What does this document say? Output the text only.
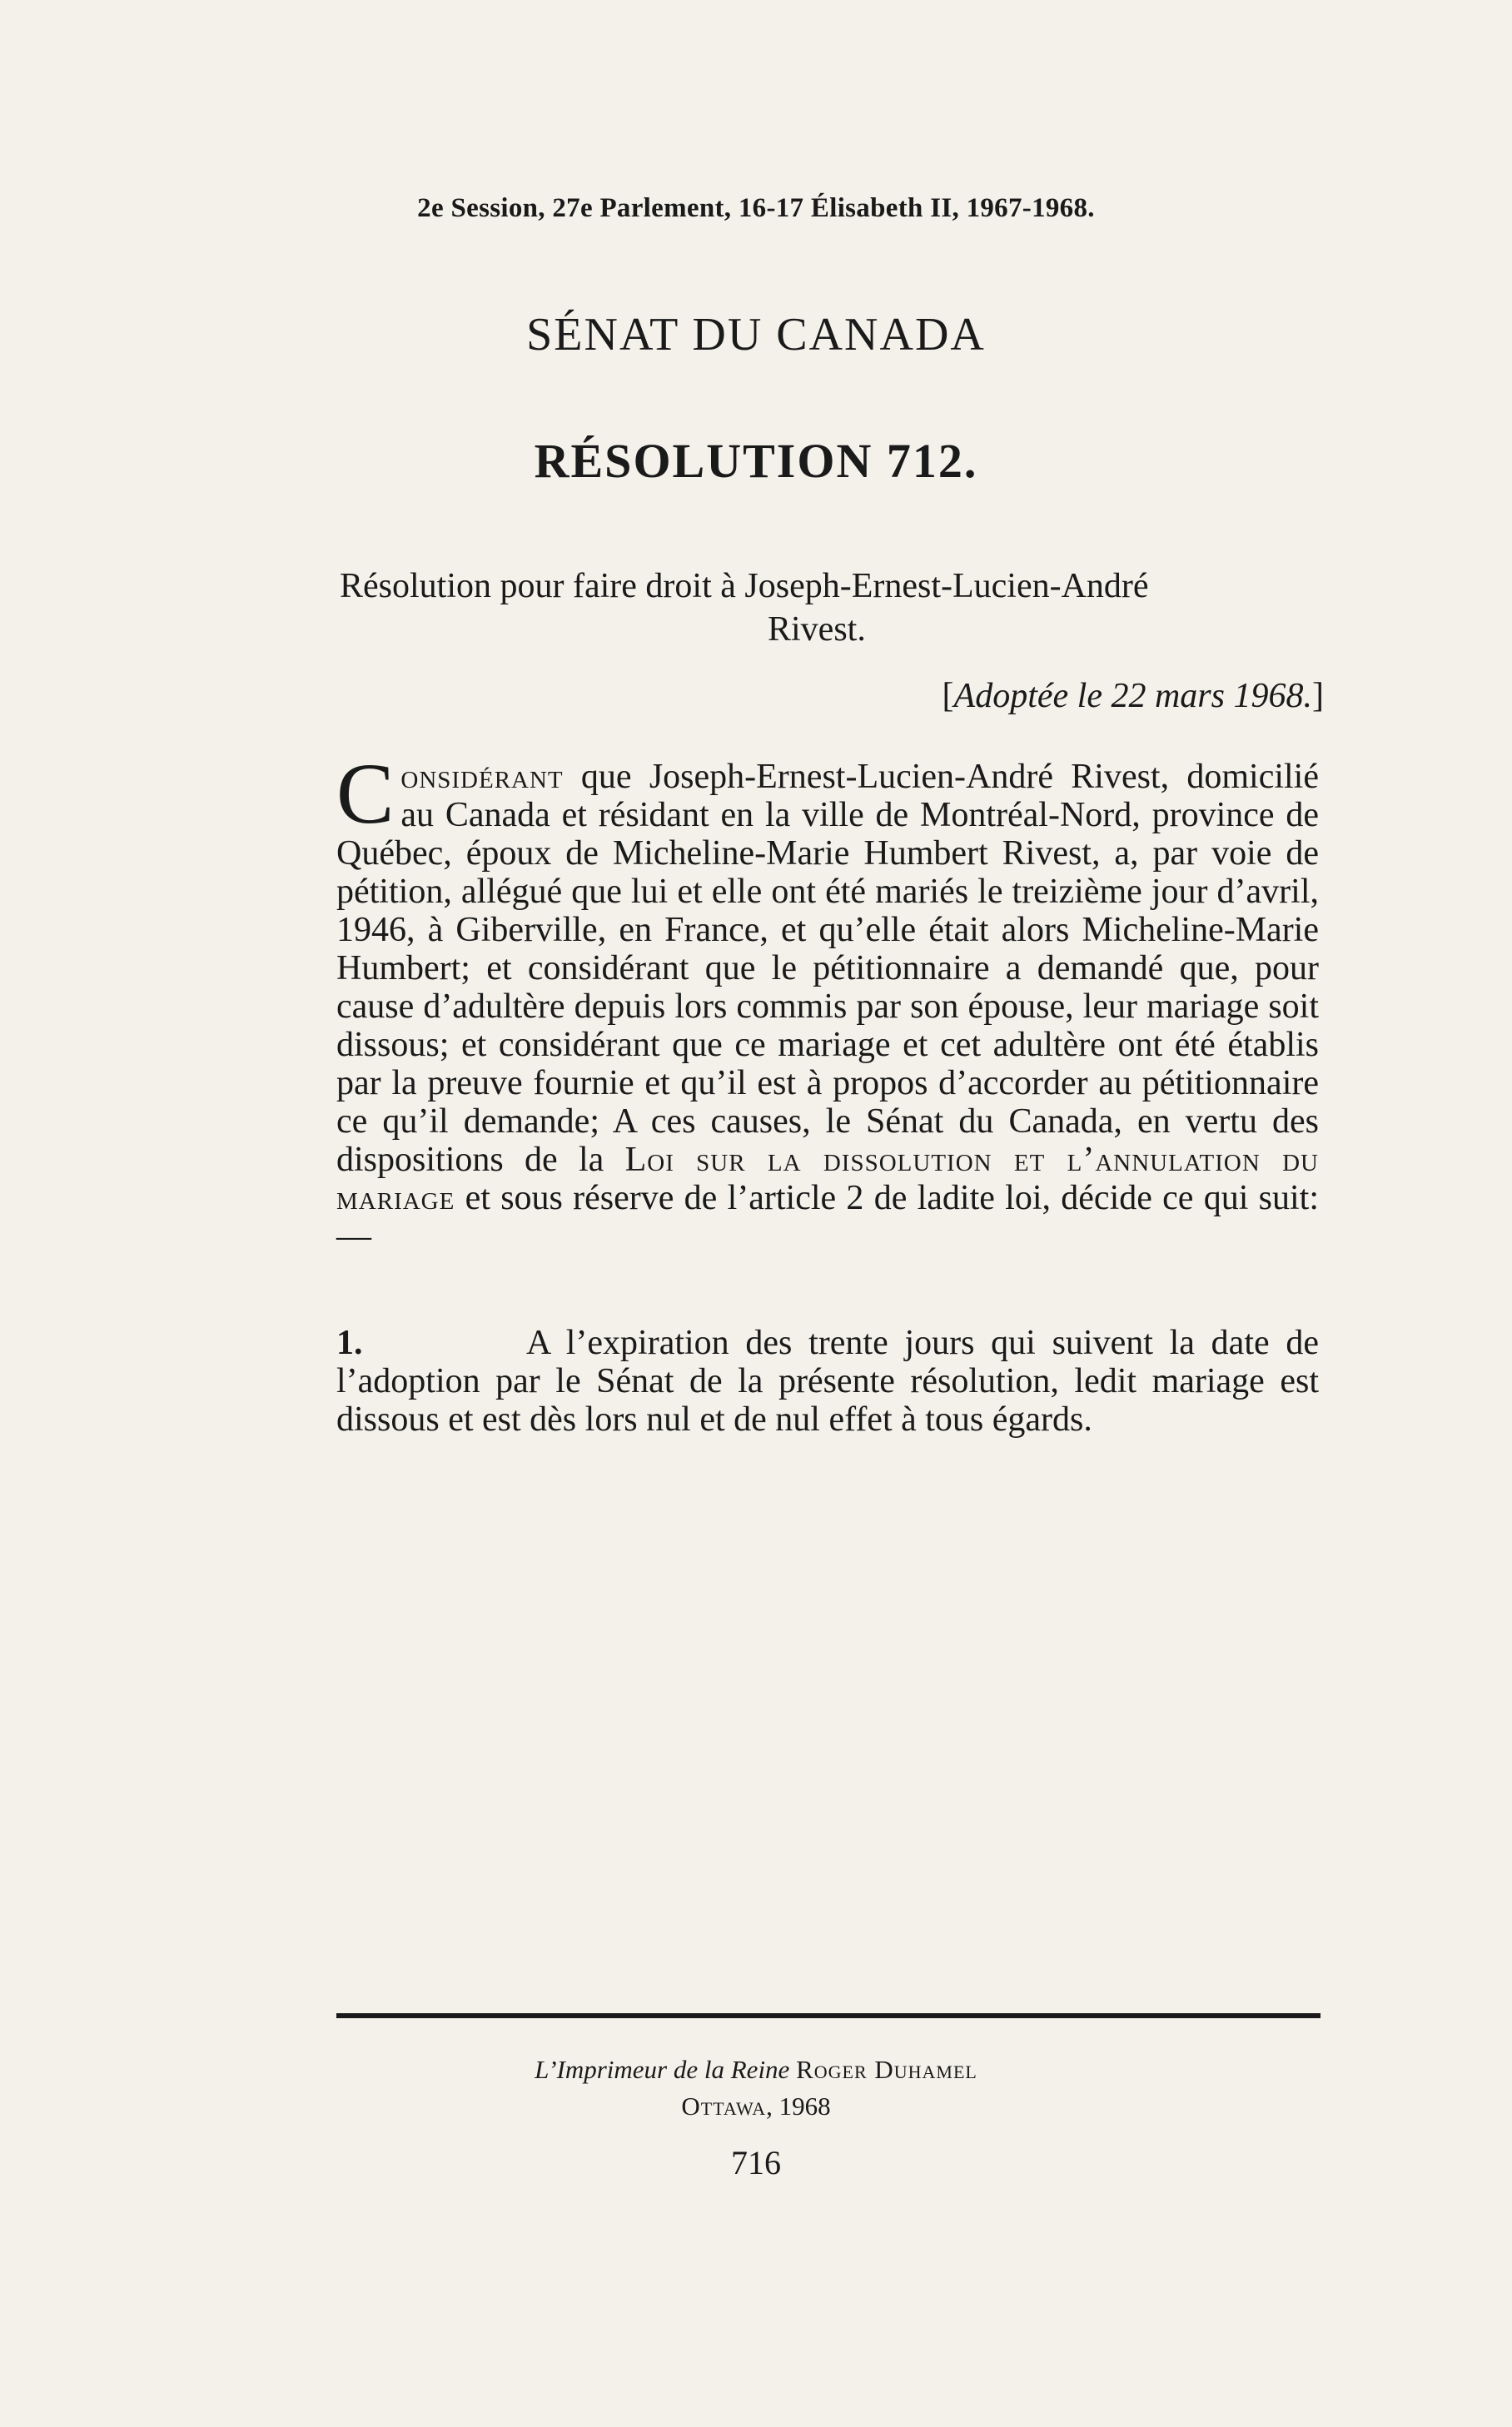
2e Session, 27e Parlement, 16-17 Élisabeth II, 1967-1968.
SÉNAT DU CANADA
RÉSOLUTION 712.
Résolution pour faire droit à Joseph-Ernest-Lucien-André
Rivest.
[Adoptée le 22 mars 1968.]
Considérant que Joseph-Ernest-Lucien-André Rivest, domicilié au Canada et résidant en la ville de Montréal-Nord, province de Québec, époux de Micheline-Marie Humbert Rivest, a, par voie de pétition, allégué que lui et elle ont été mariés le treizième jour d’avril, 1946, à Giberville, en France, et qu’elle était alors Micheline-Marie Humbert; et considérant que le pétitionnaire a demandé que, pour cause d’adultère depuis lors commis par son épouse, leur mariage soit dissous; et considérant que ce mariage et cet adultère ont été établis par la preuve fournie et qu’il est à propos d’accorder au pétitionnaire ce qu’il demande; A ces causes, le Sénat du Canada, en vertu des dispositions de la Loi sur la dissolution et l’annulation du mariage et sous réserve de l’article 2 de ladite loi, décide ce qui suit:—
1.	A l’expiration des trente jours qui suivent la date de l’adoption par le Sénat de la présente résolution, ledit mariage est dissous et est dès lors nul et de nul effet à tous égards.
L’Imprimeur de la Reine Roger Duhamel
Ottawa, 1968
716
